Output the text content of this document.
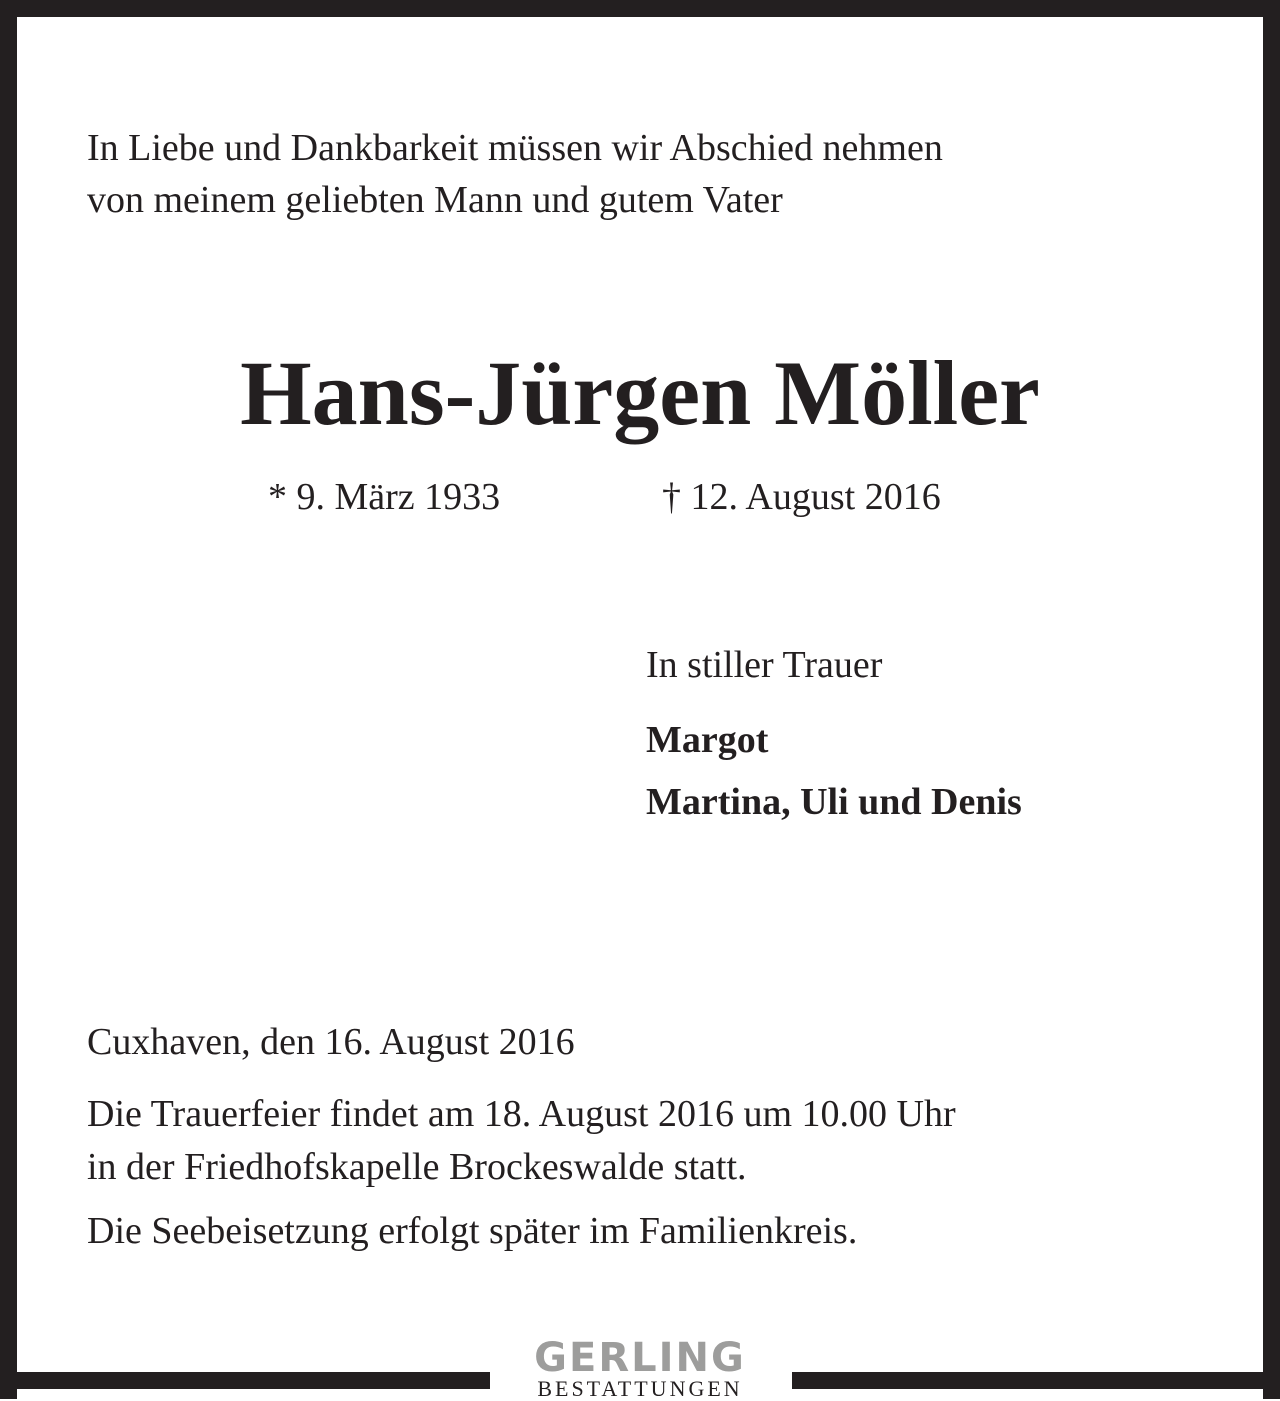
In Liebe und Dankbarkeit müssen wir Abschied nehmen
von meinem geliebten Mann und gutem Vater
Hans-Jürgen Möller
* 9. März 1933	† 12. August 2016
In stiller Trauer
Margot
Martina, Uli und Denis
Cuxhaven, den 16. August 2016
Die Trauerfeier findet am 18. August 2016 um 10.00 Uhr
in der Friedhofskapelle Brockeswalde statt.
Die Seebeisetzung erfolgt später im Familienkreis.
GERLING
BESTATTUNGEN
